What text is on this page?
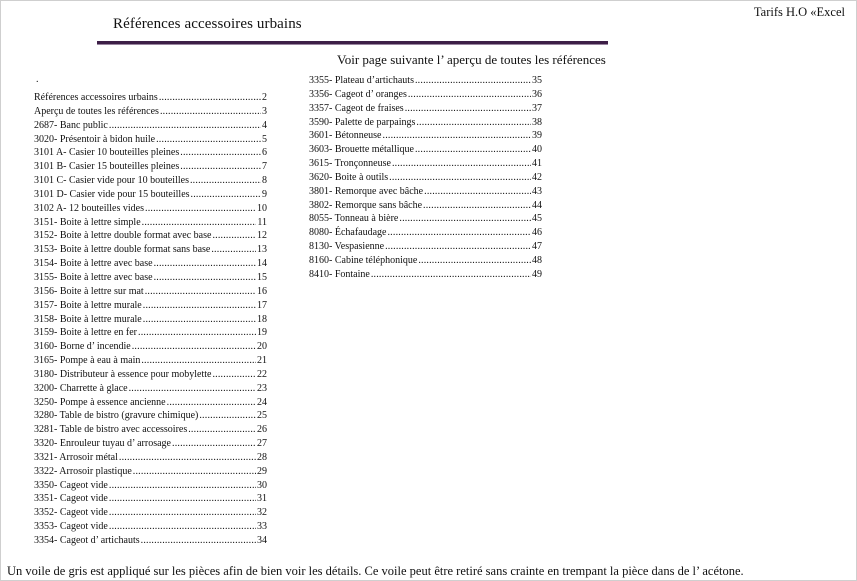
Références accessoires urbains
Tarifs H.O «Excel
Voir page suivante l’ aperçu de toutes les références
.
Références accessoires urbains .....	2
Aperçu de toutes les références .....	3
2687- Banc public .....	4
3020- Présentoir à bidon huile .....	5
3101 A- Casier 10 bouteilles pleines .....	6
3101 B- Casier 15 bouteilles pleines .....	7
3101 C- Casier vide pour 10 bouteilles .....	8
3101 D- Casier vide pour 15 bouteilles .....	9
3102 A- 12 bouteilles vides .....	10
3151- Boite à lettre simple .....	11
3152- Boite à lettre double format avec base .....	12
3153- Boite à lettre double format sans base .....	13
3154- Boite à lettre avec base .....	14
3155- Boite à lettre avec base .....	15
3156- Boite à lettre sur mat .....	16
3157- Boite à lettre murale .....	17
3158- Boite à lettre murale .....	18
3159- Boite à lettre en fer .....	19
3160- Borne d’ incendie .....	20
3165- Pompe à eau à main .....	21
3180- Distributeur à essence pour mobylette .....	22
3200- Charrette à glace .....	23
3250- Pompe à essence ancienne .....	24
3280- Table de bistro (gravure chimique) .....	25
3281- Table de bistro avec accessoires .....	26
3320- Enrouleur tuyau d’ arrosage .....	27
3321- Arrosoir métal .....	28
3322- Arrosoir plastique .....	29
3350- Cageot vide .....	30
3351- Cageot vide .....	31
3352- Cageot vide .....	32
3353- Cageot vide .....	33
3354- Cageot d’ artichauts .....	34
3355- Plateau d’artichauts .....	35
3356- Cageot d’ oranges .....	36
3357- Cageot de fraises .....	37
3590- Palette de parpaings .....	38
3601- Bétonneuse .....	39
3603- Brouette métallique .....	40
3615- Tronçonneuse .....	41
3620- Boite à outils .....	42
3801- Remorque avec bâche .....	43
3802- Remorque sans bâche .....	44
8055- Tonneau à bière .....	45
8080- Échafaudage .....	46
8130- Vespasienne .....	47
8160- Cabine téléphonique .....	48
8410- Fontaine .....	49
Un voile de gris est appliqué sur les pièces afin de bien voir les détails. Ce voile peut être retiré sans crainte en trempant la pièce dans de l’ acétone.
